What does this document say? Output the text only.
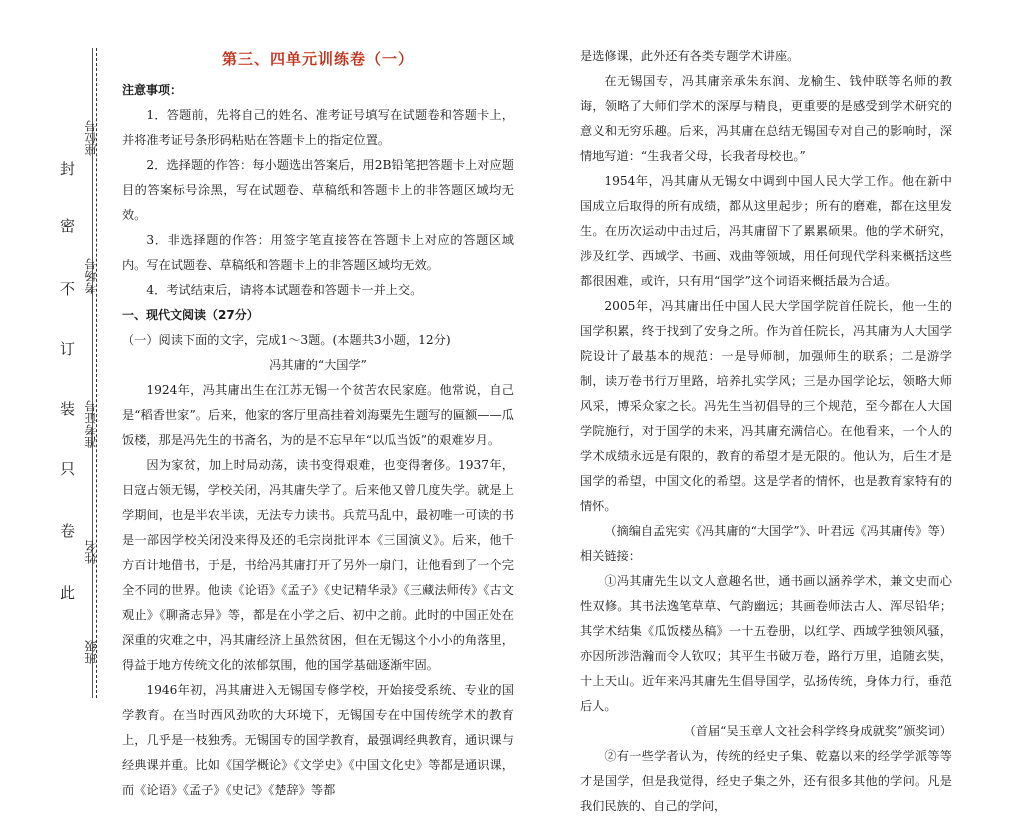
封
密
不
订
装
只
卷
此
座位号
考场号
准考证号
姓名
班级
第三、四单元训练卷（一）
注意事项：

1．答题前，先将自己的姓名、准考证号填写在试题卷和答题卡上，并将准考证号条形码粘贴在答题卡上的指定位置。

2．选择题的作答：每小题选出答案后，用2B铅笔把答题卡上对应题目的答案标号涂黑，写在试题卷、草稿纸和答题卡上的非答题区域均无效。

3．非选择题的作答：用签字笔直接答在答题卡上对应的答题区域内。写在试题卷、草稿纸和答题卡上的非答题区域均无效。

4．考试结束后，请将本试题卷和答题卡一并上交。

一、现代文阅读（27分）

（一）阅读下面的文字，完成1～3题。(本题共3小题，12分)

冯其庸的“大国学”

1924年，冯其庸出生在江苏无锡一个贫苦农民家庭。他常说，自己是“稻香世家”。后来，他家的客厅里高挂着刘海粟先生题写的匾额——瓜饭楼，那是冯先生的书斋名，为的是不忘早年“以瓜当饭”的艰难岁月。

因为家贫，加上时局动荡，读书变得艰难，也变得奢侈。1937年，日寇占领无锡，学校关闭，冯其庸失学了。后来他又曾几度失学。就是上学期间，也是半农半读，无法专力读书。兵荒马乱中，最初唯一可读的书是一部因学校关闭没来得及还的毛宗岗批评本《三国演义》。后来，他千方百计地借书，于是，书给冯其庸打开了另外一扇门，让他看到了一个完全不同的世界。他读《论语》《孟子》《史记精华录》《三藏法师传》《古文观止》《聊斋志异》等，都是在小学之后、初中之前。此时的中国正处在深重的灾难之中，冯其庸经济上虽然贫困，但在无锡这个小小的角落里，得益于地方传统文化的浓郁氛围，他的国学基础逐渐牢固。

1946年初，冯其庸进入无锡国专修学校，开始接受系统、专业的国学教育。在当时西风劲吹的大环境下，无锡国专在中国传统学术的教育上，几乎是一枝独秀。无锡国专的国学教育，最强调经典教育，通识课与经典课并重。比如《国学概论》《文学史》《中国文化史》等都是通识课，而《论语》《孟子》《史记》《楚辞》等都

是选修课，此外还有各类专题学术讲座。

在无锡国专，冯其庸亲承朱东润、龙榆生、钱仲联等名师的教诲，领略了大师们学术的深厚与精良，更重要的是感受到学术研究的意义和无穷乐趣。后来，冯其庸在总结无锡国专对自己的影响时，深情地写道：“生我者父母，长我者母校也。”

1954年，冯其庸从无锡女中调到中国人民大学工作。他在新中国成立后取得的所有成绩，都从这里起步；所有的磨难，都在这里发生。在历次运动中击过后，冯其庸留下了累累硕果。他的学术研究，涉及红学、西域学、书画、戏曲等领域，用任何现代学科来概括这些都很困难，或许，只有用“国学”这个词语来概括最为合适。

2005年，冯其庸出任中国人民大学国学院首任院长，他一生的国学积累，终于找到了安身之所。作为首任院长，冯其庸为人大国学院设计了最基本的规范：一是导师制，加强师生的联系；二是游学制，读万卷书行万里路，培养扎实学风；三是办国学论坛，领略大师风采，博采众家之长。冯先生当初倡导的三个规范，至今都在人大国学院施行，对于国学的未来，冯其庸充满信心。在他看来，一个人的学术成绩永远是有限的，教育的希望才是无限的。他认为，后生才是国学的希望，中国文化的希望。这是学者的情怀，也是教育家特有的情怀。

（摘编自孟宪实《冯其庸的“大国学”》、叶君远《冯其庸传》等）

相关链接：

①冯其庸先生以文人意趣名世，通书画以涵养学术，兼文史而心性双修。其书法逸笔草草、气韵幽远；其画卷师法古人、浑尽铅华；其学术结集《瓜饭楼丛稿》一十五卷册，以红学、西域学独领风骚，亦因所涉浩瀚而令人钦叹；其平生书破万卷，路行万里，追随玄奘，十上天山。近年来冯其庸先生倡导国学，弘扬传统，身体力行，垂范后人。

（首届“吴玉章人文社会科学终身成就奖”颁奖词）

②有一些学者认为，传统的经史子集、乾嘉以来的经学学派等等才是国学，但是我觉得，经史子集之外，还有很多其他的学问。凡是我们民族的、自己的学问，
